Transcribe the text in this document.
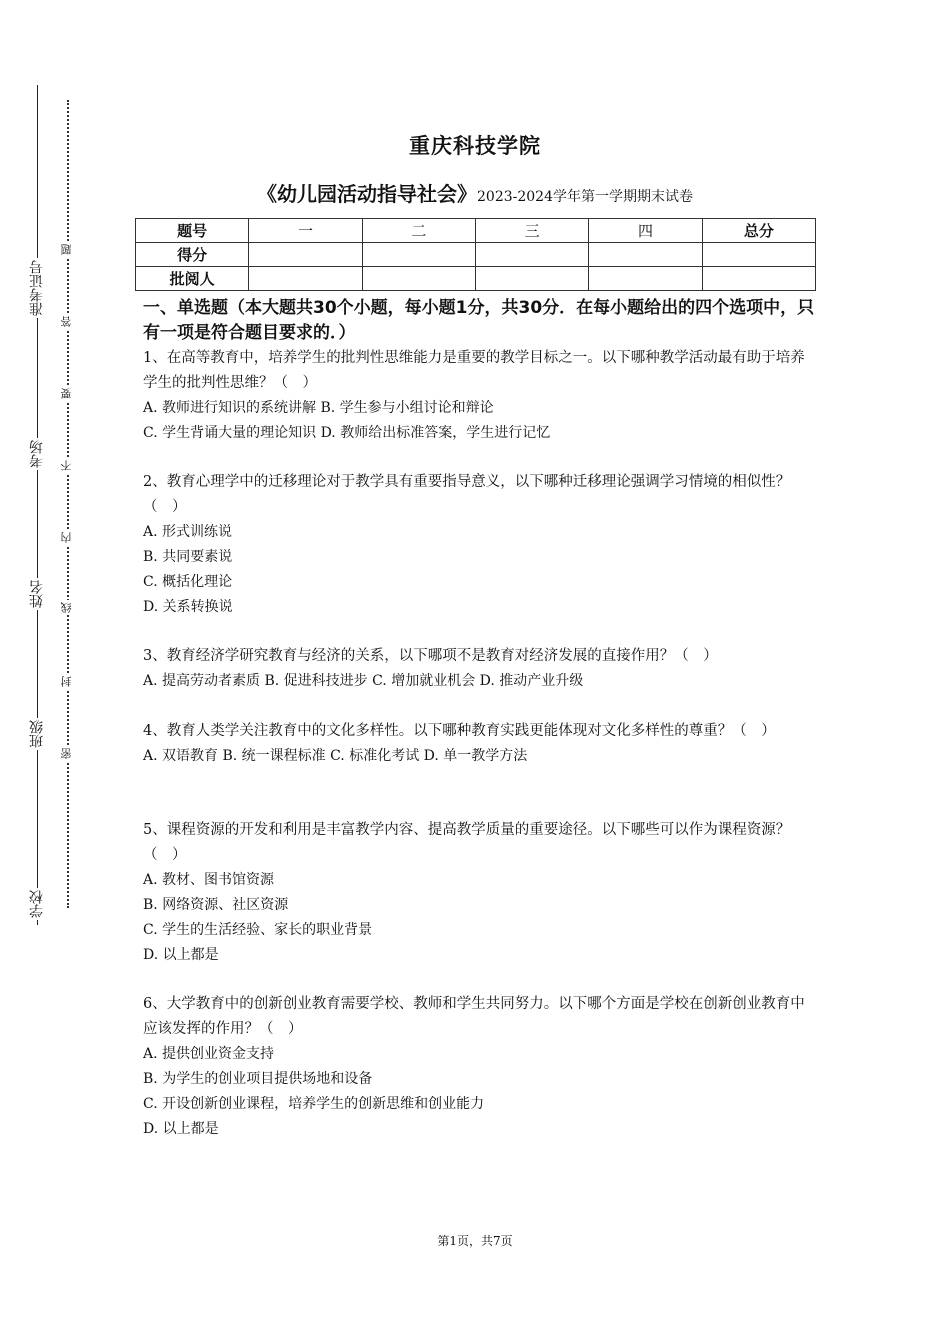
准考证号
考场
姓名
班级
学校
题
答
要
不
内
线
封
密
重庆科技学院
《幼儿园活动指导社会》2023-2024学年第一学期期末试卷
题号	一	二	三	四	总分
得分					
批阅人					
一、单选题（本大题共30个小题，每小题1分，共30分．在每小题给出的四个选项中，只有一项是符合题目要求的．）

1、在高等教育中，培养学生的批判性思维能力是重要的教学目标之一。以下哪种教学活动最有助于培养学生的批判性思维？（　）

A. 教师进行知识的系统讲解 B. 学生参与小组讨论和辩论

C. 学生背诵大量的理论知识 D. 教师给出标准答案，学生进行记忆

2、教育心理学中的迁移理论对于教学具有重要指导意义，以下哪种迁移理论强调学习情境的相似性？（　）

A. 形式训练说

B. 共同要素说

C. 概括化理论

D. 关系转换说

3、教育经济学研究教育与经济的关系，以下哪项不是教育对经济发展的直接作用？（　）

A. 提高劳动者素质 B. 促进科技进步 C. 增加就业机会 D. 推动产业升级

4、教育人类学关注教育中的文化多样性。以下哪种教育实践更能体现对文化多样性的尊重？（　）

A. 双语教育 B. 统一课程标准 C. 标准化考试 D. 单一教学方法

5、课程资源的开发和利用是丰富教学内容、提高教学质量的重要途径。以下哪些可以作为课程资源？（　）

A. 教材、图书馆资源

B. 网络资源、社区资源

C. 学生的生活经验、家长的职业背景

D. 以上都是

6、大学教育中的创新创业教育需要学校、教师和学生共同努力。以下哪个方面是学校在创新创业教育中应该发挥的作用？（　）

A. 提供创业资金支持

B. 为学生的创业项目提供场地和设备

C. 开设创新创业课程，培养学生的创新思维和创业能力

D. 以上都是

第1页，共7页
